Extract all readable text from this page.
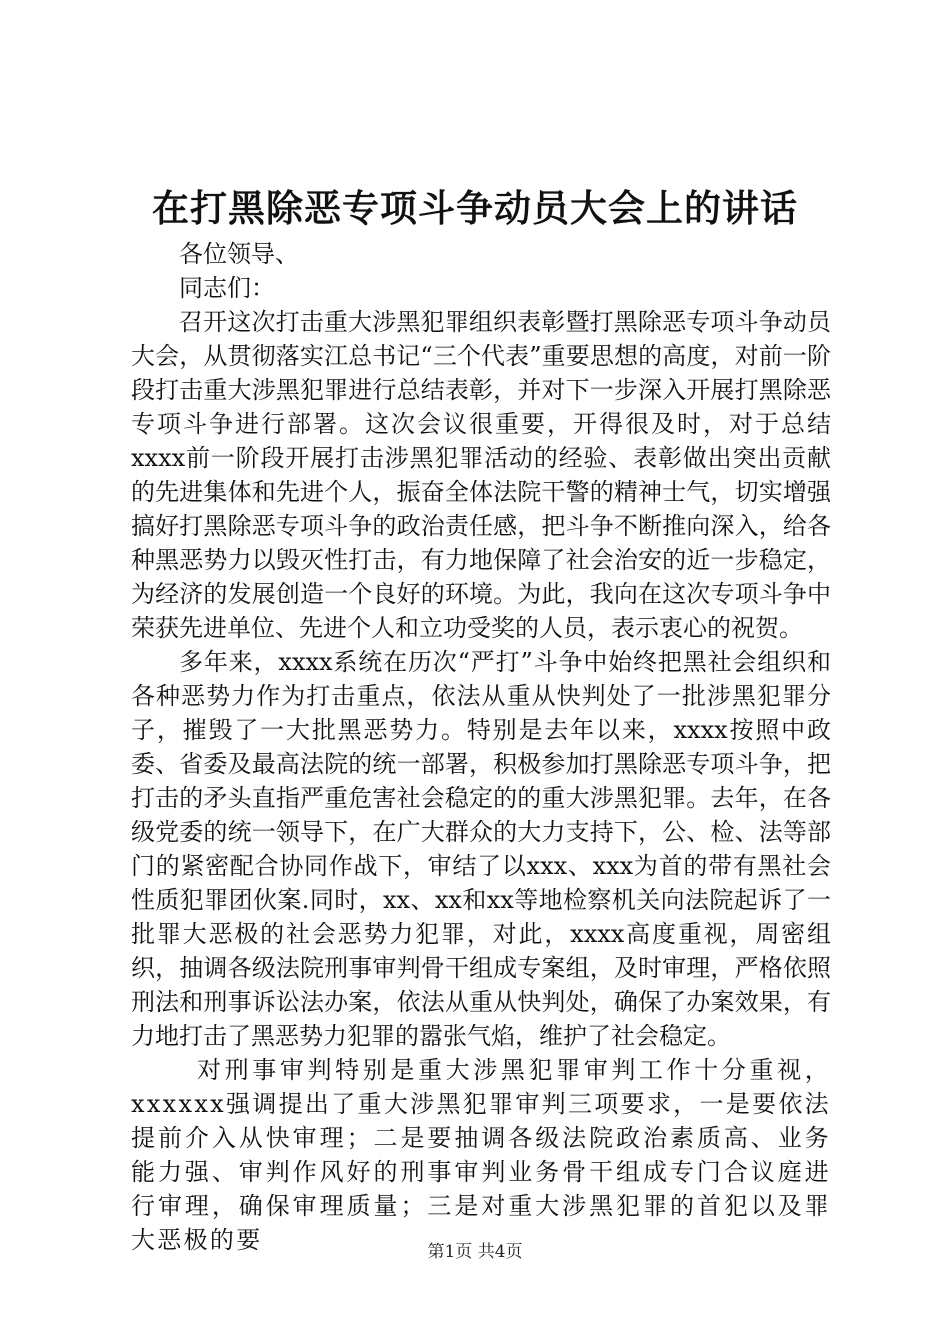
在打黑除恶专项斗争动员大会上的讲话

各位领导、

同志们：

召开这次打击重大涉黑犯罪组织表彰暨打黑除恶专项斗争动员大会，从贯彻落实江总书记“三个代表”重要思想的高度，对前一阶段打击重大涉黑犯罪进行总结表彰，并对下一步深入开展打黑除恶专项斗争进行部署。这次会议很重要，开得很及时，对于总结xxxx前一阶段开展打击涉黑犯罪活动的经验、表彰做出突出贡献的先进集体和先进个人，振奋全体法院干警的精神士气，切实增强搞好打黑除恶专项斗争的政治责任感，把斗争不断推向深入，给各种黑恶势力以毁灭性打击，有力地保障了社会治安的近一步稳定，为经济的发展创造一个良好的环境。为此，我向在这次专项斗争中荣获先进单位、先进个人和立功受奖的人员，表示衷心的祝贺。

多年来，xxxx系统在历次“严打”斗争中始终把黑社会组织和各种恶势力作为打击重点，依法从重从快判处了一批涉黑犯罪分子，摧毁了一大批黑恶势力。特别是去年以来，xxxx按照中政委、省委及最高法院的统一部署，积极参加打黑除恶专项斗争，把打击的矛头直指严重危害社会稳定的的重大涉黑犯罪。去年，在各级党委的统一领导下，在广大群众的大力支持下，公、检、法等部门的紧密配合协同作战下，审结了以xxx、xxx为首的带有黑社会性质犯罪团伙案.同时，xx、xx和xx等地检察机关向法院起诉了一批罪大恶极的社会恶势力犯罪，对此，xxxx高度重视，周密组织，抽调各级法院刑事审判骨干组成专案组，及时审理，严格依照刑法和刑事诉讼法办案，依法从重从快判处，确保了办案效果，有力地打击了黑恶势力犯罪的嚣张气焰，维护了社会稳定。

对刑事审判特别是重大涉黑犯罪审判工作十分重视，xxxxxx强调提出了重大涉黑犯罪审判三项要求，一是要依法提前介入从快审理；二是要抽调各级法院政治素质高、业务能力强、审判作风好的刑事审判业务骨干组成专门合议庭进行审理，确保审理质量；三是对重大涉黑犯罪的首犯以及罪大恶极的要	第1页 共4页
